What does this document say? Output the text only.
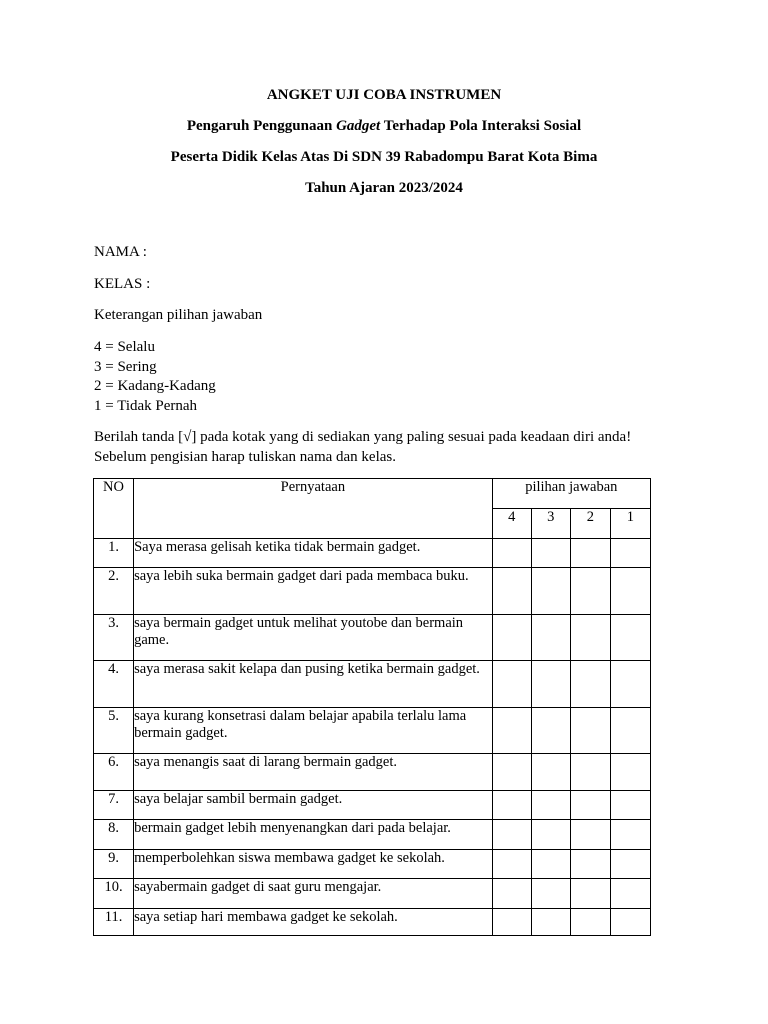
ANGKET UJI COBA INSTRUMEN
Pengaruh Penggunaan Gadget Terhadap Pola Interaksi Sosial
Peserta Didik Kelas Atas Di SDN 39 Rabadompu Barat Kota Bima
Tahun Ajaran 2023/2024
NAMA :
KELAS :
Keterangan pilihan jawaban
4 = Selalu
3 = Sering
2 = Kadang-Kadang
1 = Tidak Pernah
Berilah tanda [√] pada kotak yang di sediakan yang paling sesuai pada keadaan diri anda!
Sebelum pengisian harap tuliskan nama dan kelas.
NO	Pernyataan	pilihan jawaban			
		4	3	2	1
1.	Saya merasa gelisah ketika tidak bermain gadget.				
2.	saya lebih suka bermain gadget dari pada membaca buku.				
3.	saya bermain gadget untuk melihat youtobe dan bermain game.				
4.	saya merasa sakit kelapa dan pusing ketika bermain gadget.				
5.	saya kurang konsetrasi dalam belajar apabila terlalu lama bermain gadget.				
6.	saya menangis saat di larang bermain gadget.				
7.	saya belajar sambil bermain gadget.				
8.	bermain gadget lebih menyenangkan dari pada belajar.				
9.	memperbolehkan siswa membawa gadget ke sekolah.				
10.	sayabermain gadget di saat guru mengajar.				
11.	saya setiap hari membawa gadget ke sekolah.				
